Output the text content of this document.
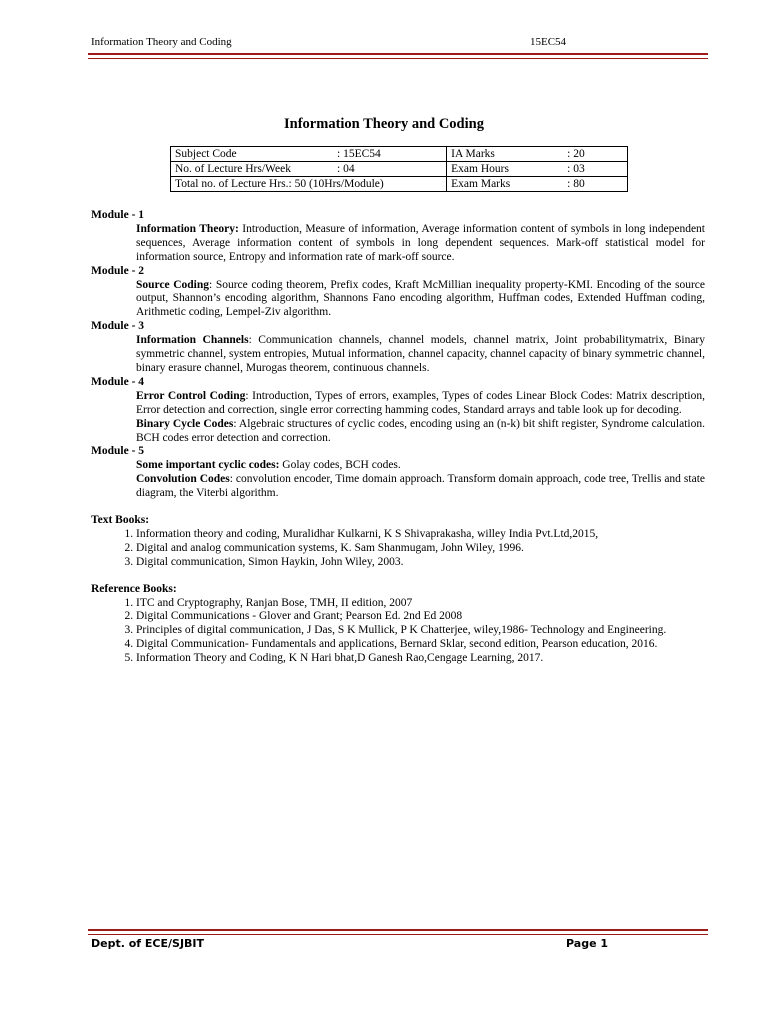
Information Theory and Coding	15EC54
Information Theory and Coding
Subject Code : 15EC54	IA Marks : 20
No. of Lecture Hrs/Week : 04	Exam Hours : 03
Total no. of Lecture Hrs.: 50 (10Hrs/Module)	Exam Marks : 80
Module - 1
Information Theory: Introduction, Measure of information, Average information content of symbols in long independent sequences, Average information content of symbols in long dependent sequences. Mark-off statistical model for information source, Entropy and information rate of mark-off source.
Module - 2
Source Coding: Source coding theorem, Prefix codes, Kraft McMillian inequality property-KMI. Encoding of the source output, Shannon’s encoding algorithm, Shannons Fano encoding algorithm, Huffman codes, Extended Huffman coding, Arithmetic coding, Lempel-Ziv algorithm.
Module - 3
Information Channels: Communication channels, channel models, channel matrix, Joint probabilitymatrix, Binary symmetric channel, system entropies, Mutual information, channel capacity, channel capacity of binary symmetric channel, binary erasure channel, Murogas theorem, continuous channels.
Module - 4
Error Control Coding: Introduction, Types of errors, examples, Types of codes Linear Block Codes: Matrix description, Error detection and correction, single error correcting hamming codes, Standard arrays and table look up for decoding.
Binary Cycle Codes: Algebraic structures of cyclic codes, encoding using an (n-k) bit shift register, Syndrome calculation. BCH codes error detection and correction.
Module - 5
Some important cyclic codes: Golay codes, BCH codes.
Convolution Codes: convolution encoder, Time domain approach. Transform domain approach, code tree, Trellis and state diagram, the Viterbi algorithm.
Text Books:
1. Information theory and coding, Muralidhar Kulkarni, K S Shivaprakasha, willey India Pvt.Ltd,2015,
2. Digital and analog communication systems, K. Sam Shanmugam, John Wiley, 1996.
3. Digital communication, Simon Haykin, John Wiley, 2003.
Reference Books:
1. ITC and Cryptography, Ranjan Bose, TMH, II edition, 2007
2. Digital Communications - Glover and Grant; Pearson Ed. 2nd Ed 2008
3. Principles of digital communication, J Das, S K Mullick, P K Chatterjee, wiley,1986- Technology and Engineering.
4. Digital Communication- Fundamentals and applications, Bernard Sklar, second edition, Pearson education, 2016.
5. Information Theory and Coding, K N Hari bhat,D Ganesh Rao,Cengage Learning, 2017.
Dept. of ECE/SJBIT	Page 1
